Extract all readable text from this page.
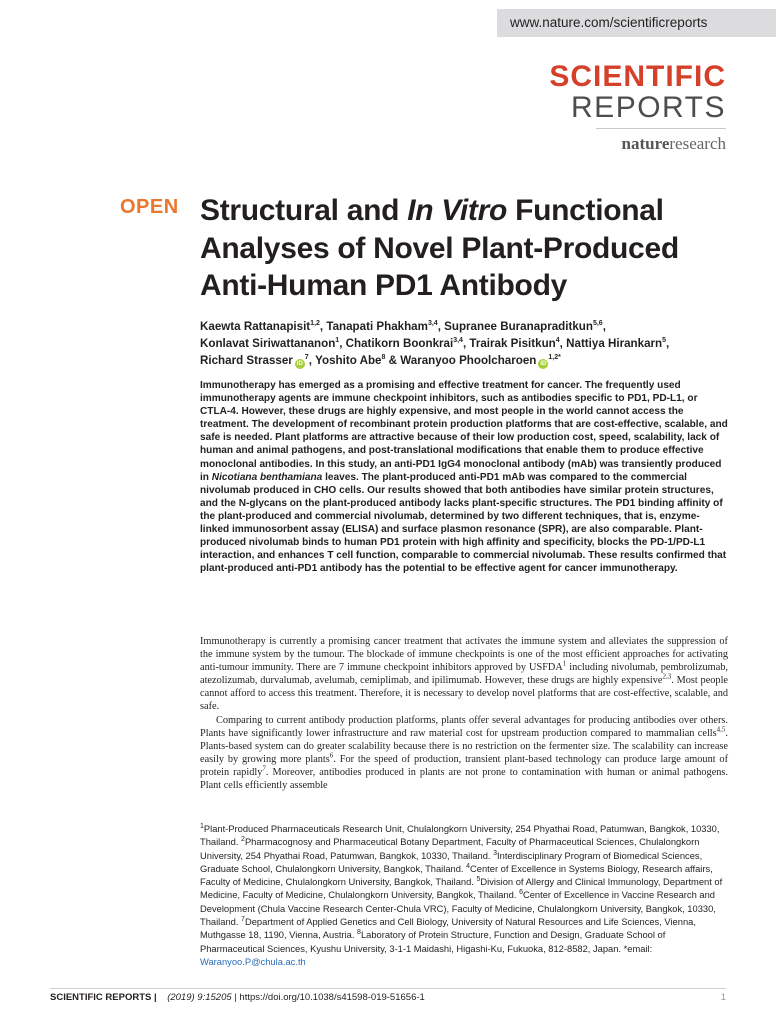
www.nature.com/scientificreports
SCIENTIFIC
REPORTS
natureresearch
OPEN Structural and In Vitro Functional Analyses of Novel Plant-Produced Anti-Human PD1 Antibody
Kaewta Rattanapisit$^{1,2}$, Tanapati Phakham$^{3,4}$, Supranee Buranapraditkun$^{5,6}$,
Konlavat Siriwattananon$^1$, Chatikorn Boonkrai$^{3,4}$, Trairak Pisitkun$^4$, Nattiya Hirankarn$^5$,
Richard Strasser $iD^7$, Yoshito Abe$^8$ & Waranyoo Phoolcharoen $iD^{1,2*}$
Immunotherapy has emerged as a promising and effective treatment for cancer. The frequently used immunotherapy agents are immune checkpoint inhibitors, such as antibodies specific to PD1, PD-L1, or CTLA-4. However, these drugs are highly expensive, and most people in the world cannot access the treatment. The development of recombinant protein production platforms that are cost-effective, scalable, and safe is needed. Plant platforms are attractive because of their low production cost, speed, scalability, lack of human and animal pathogens, and post-translational modifications that enable them to produce effective monoclonal antibodies. In this study, an anti-PD1 IgG4 monoclonal antibody (mAb) was transiently produced in Nicotiana benthamiana leaves. The plant-produced anti-PD1 mAb was compared to the commercial nivolumab produced in CHO cells. Our results showed that both antibodies have similar protein structures, and the N-glycans on the plant-produced antibody lacks plant-specific structures. The PD1 binding affinity of the plant-produced and commercial nivolumab, determined by two different techniques, that is, enzyme-linked immunosorbent assay (ELISA) and surface plasmon resonance (SPR), are also comparable. Plant-produced nivolumab binds to human PD1 protein with high affinity and specificity, blocks the PD-1/PD-L1 interaction, and enhances T cell function, comparable to commercial nivolumab. These results confirmed that plant-produced anti-PD1 antibody has the potential to be effective agent for cancer immunotherapy.

Immunotherapy is currently a promising cancer treatment that activates the immune system and alleviates the suppression of the immune system by the tumour. The blockade of immune checkpoints is one of the most efficient approaches for activating anti-tumour immunity. There are 7 immune checkpoint inhibitors approved by USFDA$^1$ including nivolumab, pembrolizumab, atezolizumab, durvalumab, avelumab, cemiplimab, and ipilimumab. However, these drugs are highly expensive$^{2,3}$. Most people cannot afford to access this treatment. Therefore, it is necessary to develop novel platforms that are cost-effective, scalable, and safe.

Comparing to current antibody production platforms, plants offer several advantages for producing antibodies over others. Plants have significantly lower infrastructure and raw material cost for upstream production compared to mammalian cells$^{4,5}$. Plants-based system can do greater scalability because there is no restriction on the fermenter size. The scalability can increase easily by growing more plants$^6$. For the speed of production, transient plant-based technology can produce large amount of protein rapidly$^7$. Moreover, antibodies produced in plants are not prone to contamination with human or animal pathogens. Plant cells efficiently assemble

$^1$Plant-Produced Pharmaceuticals Research Unit, Chulalongkorn University, 254 Phyathai Road, Patumwan, Bangkok, 10330, Thailand. $^2$Pharmacognosy and Pharmaceutical Botany Department, Faculty of Pharmaceutical Sciences, Chulalongkorn University, 254 Phyathai Road, Patumwan, Bangkok, 10330, Thailand. $^3$Interdisciplinary Program of Biomedical Sciences, Graduate School, Chulalongkorn University, Bangkok, Thailand. $^4$Center of Excellence in Systems Biology, Research affairs, Faculty of Medicine, Chulalongkorn University, Bangkok, Thailand. $^5$Division of Allergy and Clinical Immunology, Department of Medicine, Faculty of Medicine, Chulalongkorn University, Bangkok, Thailand. $^6$Center of Excellence in Vaccine Research and Development (Chula Vaccine Research Center-Chula VRC), Faculty of Medicine, Chulalongkorn University, Bangkok, 10330, Thailand. $^7$Department of Applied Genetics and Cell Biology, University of Natural Resources and Life Sciences, Vienna, Muthgasse 18, 1190, Vienna, Austria. $^8$Laboratory of Protein Structure, Function and Design, Graduate School of Pharmaceutical Sciences, Kyushu University, 3-1-1 Maidashi, Higashi-Ku, Fukuoka, 812-8582, Japan. *email: Waranyoo.P@chula.ac.th
SCIENTIFIC REPORTS | (2019) 9:15205 | https://doi.org/10.1038/s41598-019-51656-1	1
